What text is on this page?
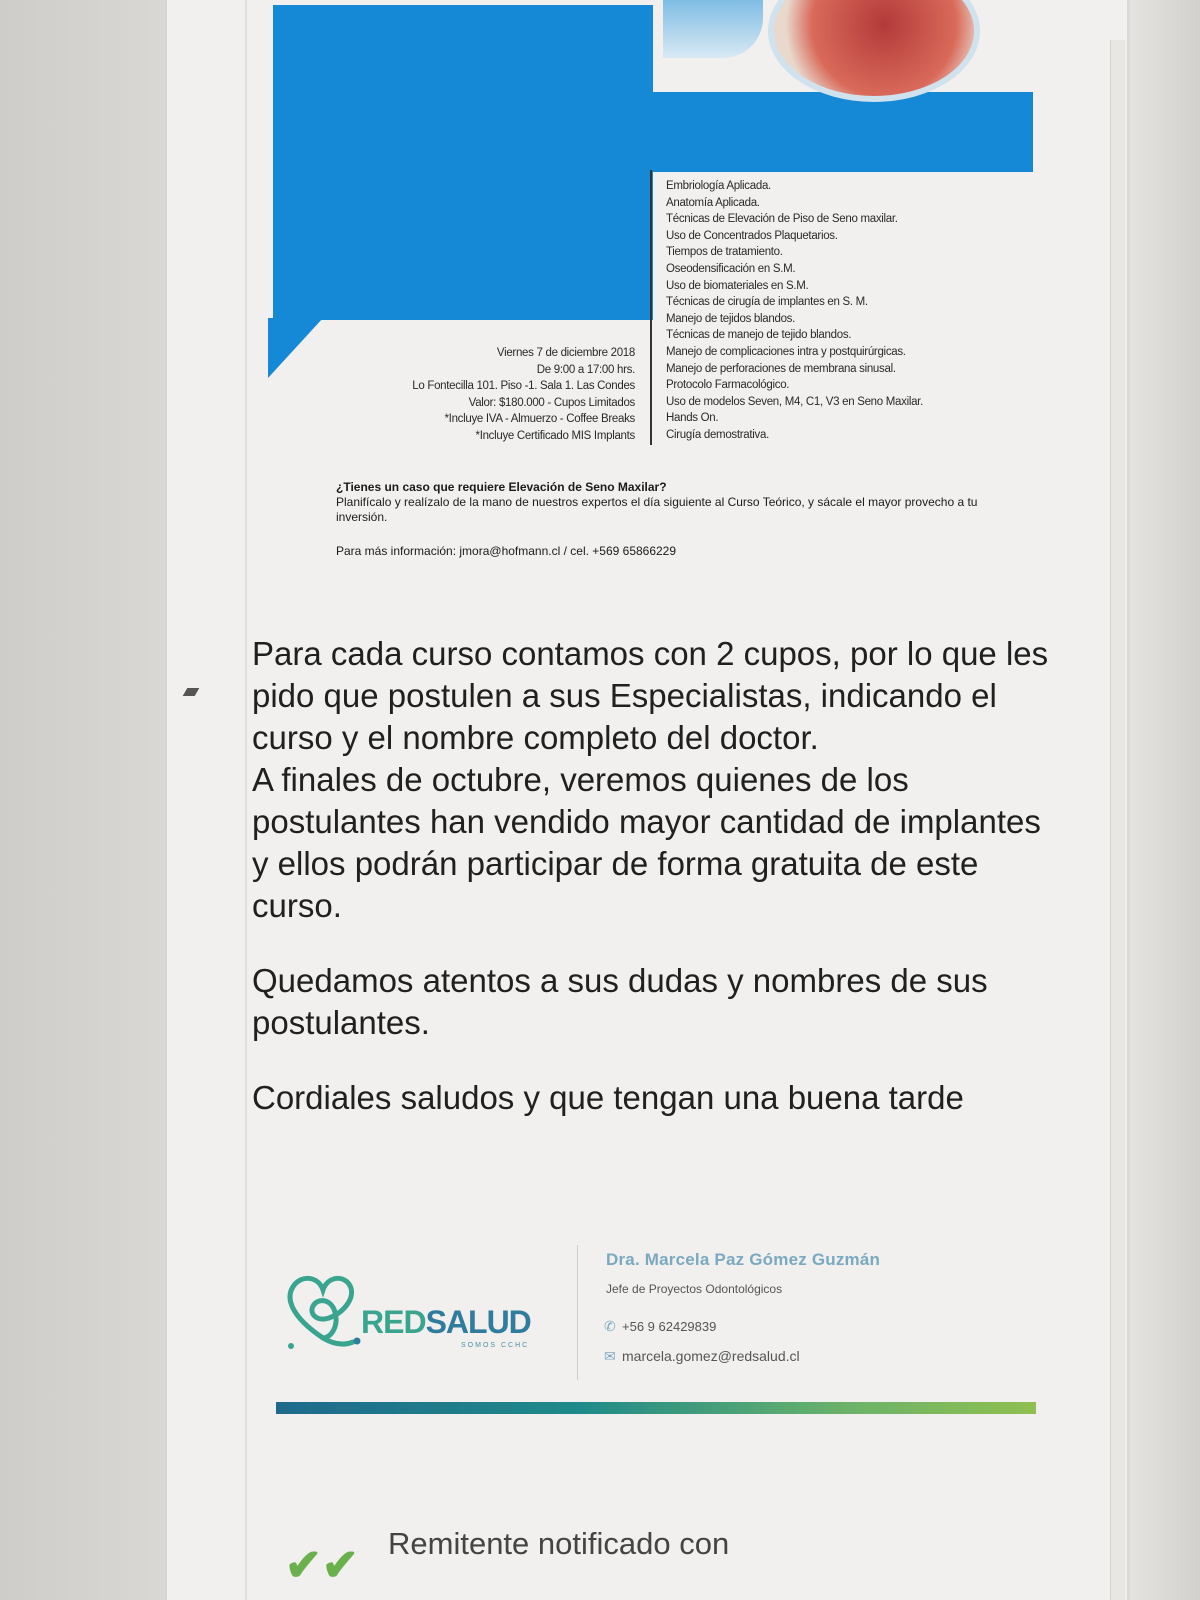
Embriología Aplicada.
Anatomía Aplicada.
Técnicas de Elevación de Piso de Seno maxilar.
Uso de Concentrados Plaquetarios.
Tiempos de tratamiento.
Oseodensificación en S.M.
Uso de biomateriales en S.M.
Técnicas de cirugía de implantes en S. M.
Manejo de tejidos blandos.
Técnicas de manejo de tejido blandos.
Manejo de complicaciones intra y postquirúrgicas.
Manejo de perforaciones de membrana sinusal.
Protocolo Farmacológico.
Uso de modelos Seven, M4, C1, V3 en Seno Maxilar.
Hands On.
Cirugía demostrativa.
Viernes 7 de diciembre 2018
De 9:00 a 17:00 hrs.
Lo Fontecilla 101. Piso -1. Sala 1. Las Condes
Valor: $180.000 - Cupos Limitados
*Incluye IVA - Almuerzo - Coffee Breaks
*Incluye Certificado MIS Implants
¿Tienes un caso que requiere Elevación de Seno Maxilar?
Planifícalo y realízalo de la mano de nuestros expertos el día siguiente al Curso Teórico, y sácale el mayor provecho a tu inversión.
Para más información: jmora@hofmann.cl / cel. +569 65866229

Para cada curso contamos con 2 cupos, por lo que les pido que postulen a sus Especialistas, indicando el curso y el nombre completo del doctor.

A finales de octubre, veremos quienes de los postulantes han vendido mayor cantidad de implantes y ellos podrán participar de forma gratuita de este curso.

Quedamos atentos a sus dudas y nombres de sus postulantes.

Cordiales saludos y que tengan una buena tarde

REDSALUD
SOMOS CCHC
Dra. Marcela Paz Gómez Guzmán
Jefe de Proyectos Odontológicos
✆ +56 9 62429839
✉ marcela.gomez@redsalud.cl
✔✔ Remitente notificado con
